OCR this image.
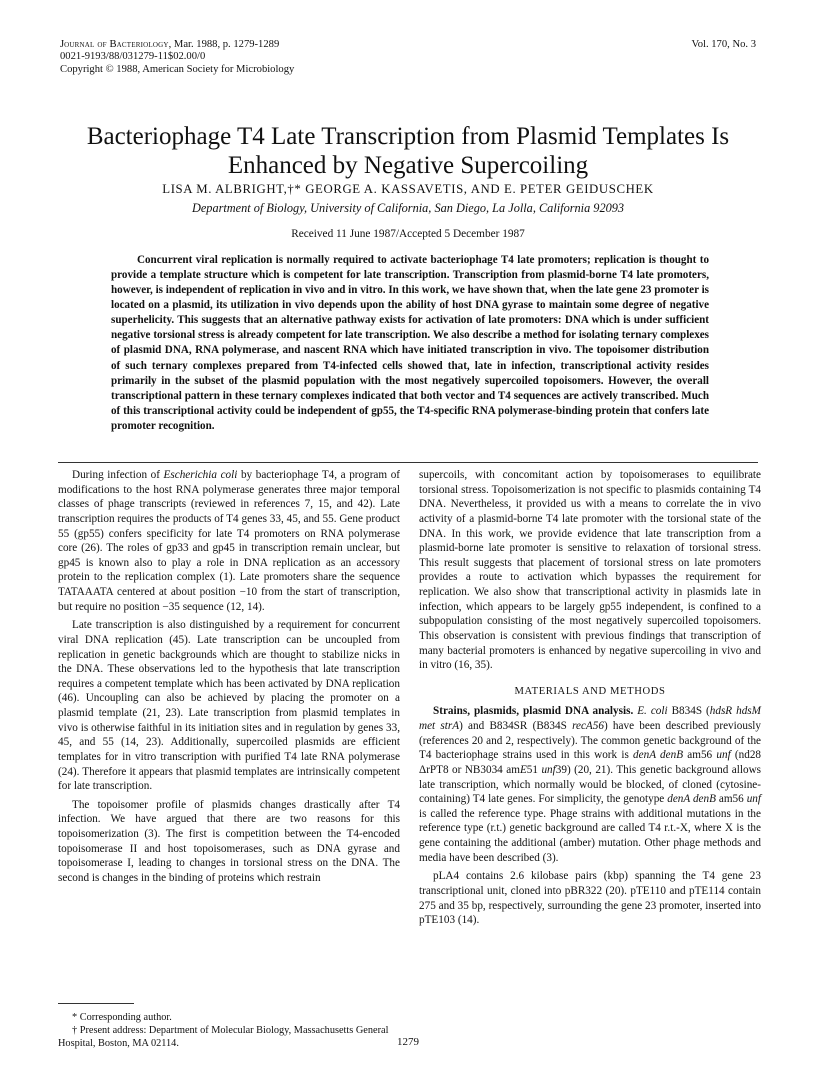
Journal of Bacteriology, Mar. 1988, p. 1279-1289
0021-9193/88/031279-11$02.00/0
Copyright © 1988, American Society for Microbiology
Vol. 170, No. 3
Bacteriophage T4 Late Transcription from Plasmid Templates Is
Enhanced by Negative Supercoiling
LISA M. ALBRIGHT,†* GEORGE A. KASSAVETIS, AND E. PETER GEIDUSCHEK
Department of Biology, University of California, San Diego, La Jolla, California 92093
Received 11 June 1987/Accepted 5 December 1987

Concurrent viral replication is normally required to activate bacteriophage T4 late promoters; replication is thought to provide a template structure which is competent for late transcription. Transcription from plasmid-borne T4 late promoters, however, is independent of replication in vivo and in vitro. In this work, we have shown that, when the late gene 23 promoter is located on a plasmid, its utilization in vivo depends upon the ability of host DNA gyrase to maintain some degree of negative superhelicity. This suggests that an alternative pathway exists for activation of late promoters: DNA which is under sufficient negative torsional stress is already competent for late transcription. We also describe a method for isolating ternary complexes of plasmid DNA, RNA polymerase, and nascent RNA which have initiated transcription in vivo. The topoisomer distribution of such ternary complexes prepared from T4-infected cells showed that, late in infection, transcriptional activity resides primarily in the subset of the plasmid population with the most negatively supercoiled topoisomers. However, the overall transcriptional pattern in these ternary complexes indicated that both vector and T4 sequences are actively transcribed. Much of this transcriptional activity could be independent of gp55, the T4-specific RNA polymerase-binding protein that confers late promoter recognition.

During infection of Escherichia coli by bacteriophage T4, a program of modifications to the host RNA polymerase generates three major temporal classes of phage transcripts (reviewed in references 7, 15, and 42). Late transcription requires the products of T4 genes 33, 45, and 55. Gene product 55 (gp55) confers specificity for late T4 promoters on RNA polymerase core (26). The roles of gp33 and gp45 in transcription remain unclear, but gp45 is known also to play a role in DNA replication as an accessory protein to the replication complex (1). Late promoters share the sequence TATAAATA centered at about position −10 from the start of transcription, but require no position −35 sequence (12, 14).

Late transcription is also distinguished by a requirement for concurrent viral DNA replication (45). Late transcription can be uncoupled from replication in genetic backgrounds which are thought to stabilize nicks in the DNA. These observations led to the hypothesis that late transcription requires a competent template which has been activated by DNA replication (46). Uncoupling can also be achieved by placing the promoter on a plasmid template (21, 23). Late transcription from plasmid templates in vivo is otherwise faithful in its initiation sites and in regulation by genes 33, 45, and 55 (14, 23). Additionally, supercoiled plasmids are efficient templates for in vitro transcription with purified T4 late RNA polymerase (24). Therefore it appears that plasmid templates are intrinsically competent for late transcription.

The topoisomer profile of plasmids changes drastically after T4 infection. We have argued that there are two reasons for this topoisomerization (3). The first is competition between the T4-encoded topoisomerase II and host topoisomerases, such as DNA gyrase and topoisomerase I, leading to changes in torsional stress on the DNA. The second is changes in the binding of proteins which restrain

supercoils, with concomitant action by topoisomerases to equilibrate torsional stress. Topoisomerization is not specific to plasmids containing T4 DNA. Nevertheless, it provided us with a means to correlate the in vivo activity of a plasmid-borne T4 late promoter with the torsional state of the DNA. In this work, we provide evidence that late transcription from a plasmid-borne late promoter is sensitive to relaxation of torsional stress. This result suggests that placement of torsional stress on late promoters provides a route to activation which bypasses the requirement for replication. We also show that transcriptional activity in plasmids late in infection, which appears to be largely gp55 independent, is confined to a subpopulation consisting of the most negatively supercoiled topoisomers. This observation is consistent with previous findings that transcription of many bacterial promoters is enhanced by negative supercoiling in vivo and in vitro (16, 35).

MATERIALS AND METHODS

Strains, plasmids, plasmid DNA analysis. E. coli B834S (hdsR hdsM met strA) and B834SR (B834S recA56) have been described previously (references 20 and 2, respectively). The common genetic background of the T4 bacteriophage strains used in this work is denA denB am56 unf (nd28 ΔrPT8 or NB3034 amE51 unf39) (20, 21). This genetic background allows late transcription, which normally would be blocked, of cloned (cytosine-containing) T4 late genes. For simplicity, the genotype denA denB am56 unf is called the reference type. Phage strains with additional mutations in the reference type (r.t.) genetic background are called T4 r.t.-X, where X is the gene containing the additional (amber) mutation. Other phage methods and media have been described (3).

pLA4 contains 2.6 kilobase pairs (kbp) spanning the T4 gene 23 transcriptional unit, cloned into pBR322 (20). pTE110 and pTE114 contain 275 and 35 bp, respectively, surrounding the gene 23 promoter, inserted into pTE103 (14).

* Corresponding author.
† Present address: Department of Molecular Biology, Massachusetts General Hospital, Boston, MA 02114.	1279
